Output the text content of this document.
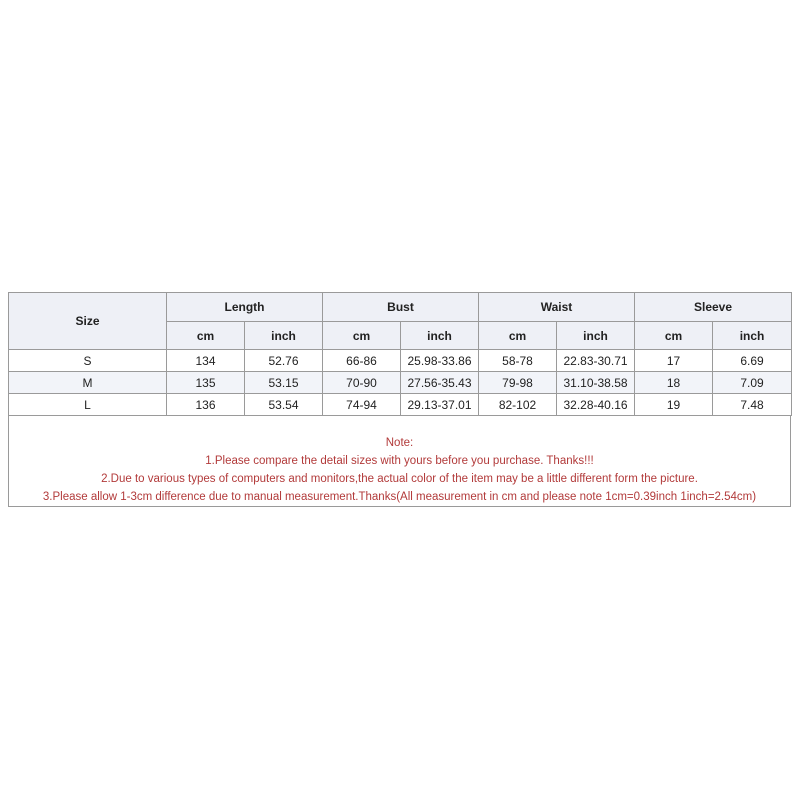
Size	Length		Bust		Waist		Sleeve	
	cm	inch	cm	inch	cm	inch	cm	inch
S	134	52.76	66-86	25.98-33.86	58-78	22.83-30.71	17	6.69
M	135	53.15	70-90	27.56-35.43	79-98	31.10-38.58	18	7.09
L	136	53.54	74-94	29.13-37.01	82-102	32.28-40.16	19	7.48
Note:
1.Please compare the detail sizes with yours before you purchase. Thanks!!!
2.Due to various types of computers and monitors,the actual color of the item may be a little different form the picture.
3.Please allow 1-3cm difference due to manual measurement.Thanks(All measurement in cm and please note 1cm=0.39inch 1inch=2.54cm)
